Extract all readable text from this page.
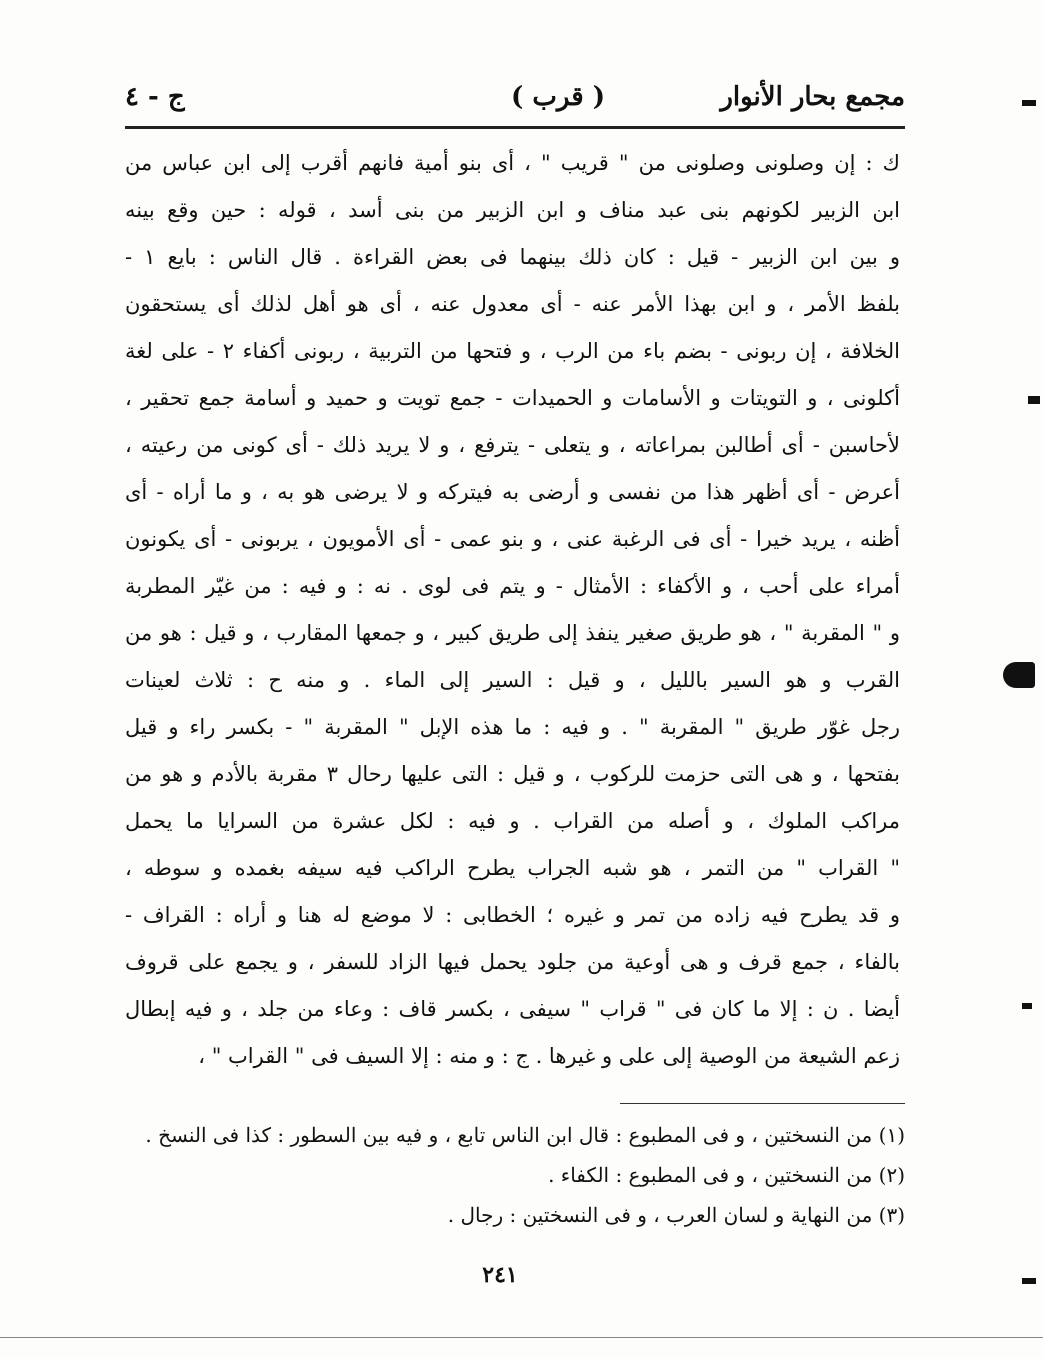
مجمع بحار الأنوار
( قرب )
ج - ٤
ك : إن وصلونى وصلونى من " قريب " ، أى بنو أمية فانهم أقرب إلى ابن عباس من
ابن الزبير لكونهم بنى عبد مناف و ابن الزبير من بنى أسد ، قوله : حين وقع بينه
و بين ابن الزبير - قيل : كان ذلك بينهما فى بعض القراءة . قال الناس : بايع ١ -
بلفظ الأمر ، و ابن بهذا الأمر عنه - أى معدول عنه ، أى هو أهل لذلك أى يستحقون
الخلافة ، إن ربونى - بضم باء من الرب ، و فتحها من التربية ، ربونى أكفاء ٢ - على لغة
أكلونى ، و التويتات و الأسامات و الحميدات - جمع تويت و حميد و أسامة جمع تحقير ،
لأحاسبن - أى أطالبن بمراعاته ، و يتعلى - يترفع ، و لا يريد ذلك - أى كونى من رعيته ،
أعرض - أى أظهر هذا من نفسى و أرضى به فيتركه و لا يرضى هو به ، و ما أراه - أى
أظنه ، يريد خيرا - أى فى الرغبة عنى ، و بنو عمى - أى الأمويون ، يربونى - أى يكونون
أمراء على أحب ، و الأكفاء : الأمثال - و يتم فى لوى . نه : و فيه : من غيّر المطربة
و " المقربة " ، هو طريق صغير ينفذ إلى طريق كبير ، و جمعها المقارب ، و قيل : هو من
القرب و هو السير بالليل ، و قيل : السير إلى الماء . و منه ح : ثلاث لعينات
رجل غوّر طريق " المقربة " . و فيه : ما هذه الإبل " المقربة " - بكسر راء و قيل
بفتحها ، و هى التى حزمت للركوب ، و قيل : التى عليها رحال ٣ مقربة بالأدم و هو من
مراكب الملوك ، و أصله من القراب . و فيه : لكل عشرة من السرايا ما يحمل
" القراب " من التمر ، هو شبه الجراب يطرح الراكب فيه سيفه بغمده و سوطه ،
و قد يطرح فيه زاده من تمر و غيره ؛ الخطابى : لا موضع له هنا و أراه : القراف -
بالفاء ، جمع قرف و هى أوعية من جلود يحمل فيها الزاد للسفر ، و يجمع على قروف
أيضا . ن : إلا ما كان فى " قراب " سيفى ، بكسر قاف : وعاء من جلد ، و فيه إبطال
زعم الشيعة من الوصية إلى على و غيرها . ج : و منه : إلا السيف فى " القراب " ،
(١) من النسختين ، و فى المطبوع : قال ابن الناس تابع ، و فيه بين السطور : كذا فى النسخ .
(٢) من النسختين ، و فى المطبوع : الكفاء .
(٣) من النهاية و لسان العرب ، و فى النسختين : رجال .
٢٤١
